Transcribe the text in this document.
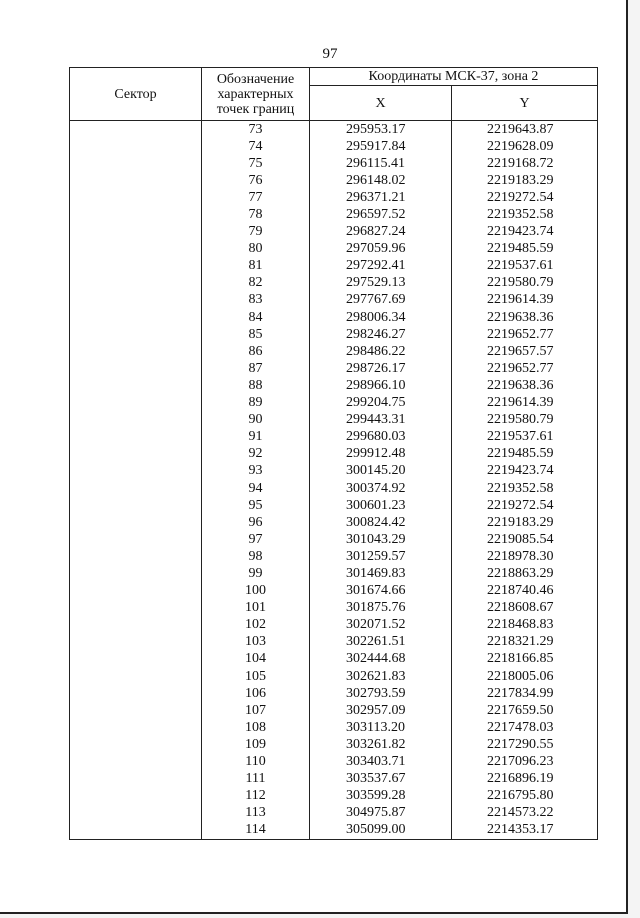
97
Сектор	Обозначение характерных точек границ	Координаты МСК-37, зона 2	
		X	Y
	73	295953.17	2219643.87
	74	295917.84	2219628.09
	75	296115.41	2219168.72
	76	296148.02	2219183.29
	77	296371.21	2219272.54
	78	296597.52	2219352.58
	79	296827.24	2219423.74
	80	297059.96	2219485.59
	81	297292.41	2219537.61
	82	297529.13	2219580.79
	83	297767.69	2219614.39
	84	298006.34	2219638.36
	85	298246.27	2219652.77
	86	298486.22	2219657.57
	87	298726.17	2219652.77
	88	298966.10	2219638.36
	89	299204.75	2219614.39
	90	299443.31	2219580.79
	91	299680.03	2219537.61
	92	299912.48	2219485.59
	93	300145.20	2219423.74
	94	300374.92	2219352.58
	95	300601.23	2219272.54
	96	300824.42	2219183.29
	97	301043.29	2219085.54
	98	301259.57	2218978.30
	99	301469.83	2218863.29
	100	301674.66	2218740.46
	101	301875.76	2218608.67
	102	302071.52	2218468.83
	103	302261.51	2218321.29
	104	302444.68	2218166.85
	105	302621.83	2218005.06
	106	302793.59	2217834.99
	107	302957.09	2217659.50
	108	303113.20	2217478.03
	109	303261.82	2217290.55
	110	303403.71	2217096.23
	111	303537.67	2216896.19
	112	303599.28	2216795.80
	113	304975.87	2214573.22
	114	305099.00	2214353.17
